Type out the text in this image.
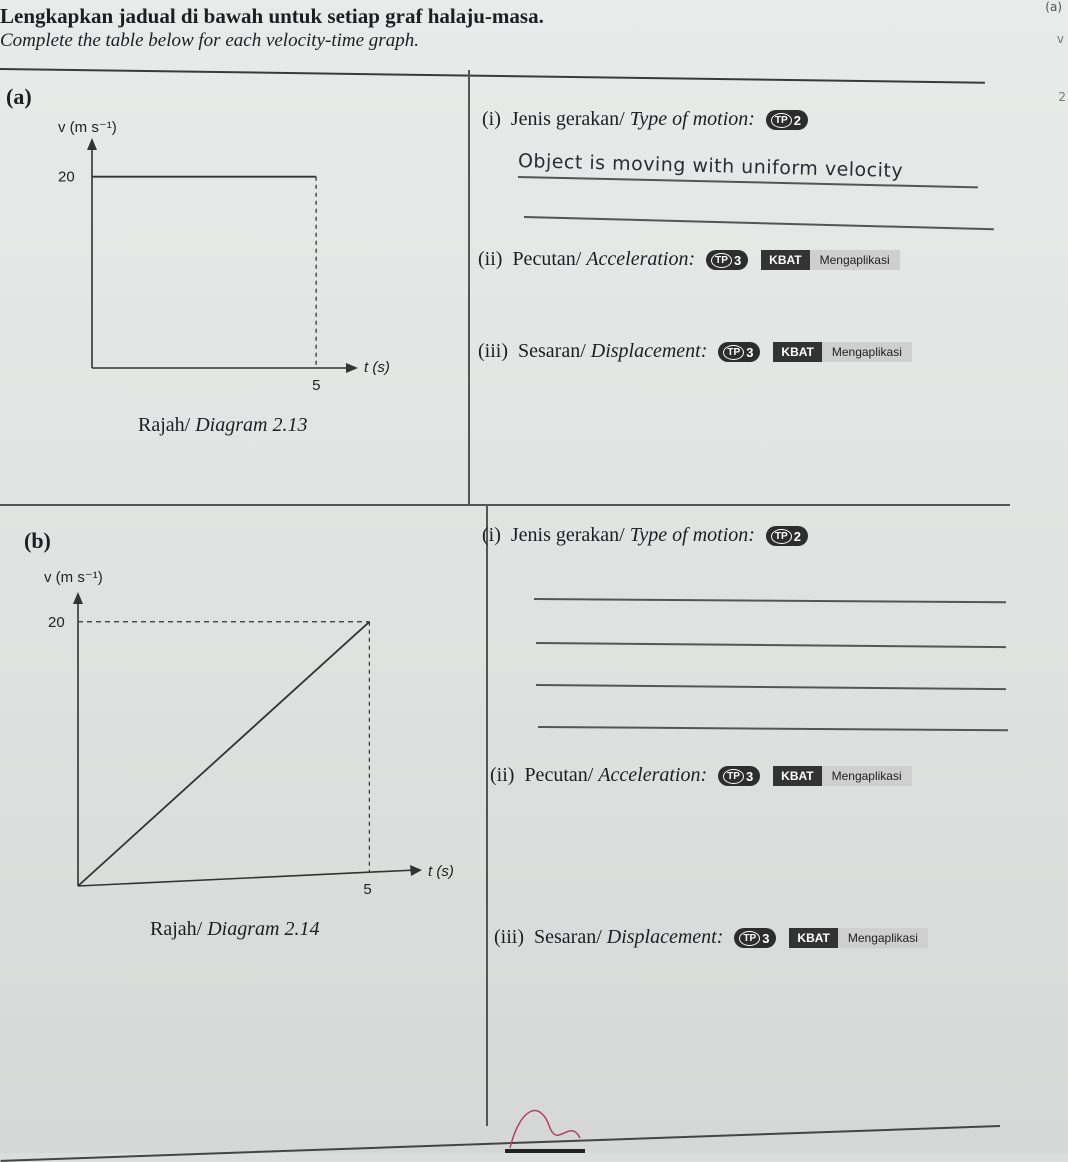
Lengkapkan jadual di bawah untuk setiap graf halaju-masa.
Complete the table below for each velocity-time graph.
(a)
v
2
(a)
v (m s⁻¹)
t (s)
20
5
Rajah/ Diagram 2.13
(i) Jenis gerakan/ Type of motion:	TP 2
Object is moving with uniform velocity
(ii) Pecutan/ Acceleration:	TP 3
	KBAT	Mengaplikasi
(iii) Sesaran/ Displacement:	TP 3
	KBAT	Mengaplikasi
(b)
v (m s⁻¹)
t (s)
20
5
Rajah/ Diagram 2.14
(i) Jenis gerakan/ Type of motion:	TP 2
(ii) Pecutan/ Acceleration:	TP 3
	KBAT	Mengaplikasi
(iii) Sesaran/ Displacement:	TP 3
	KBAT	Mengaplikasi
